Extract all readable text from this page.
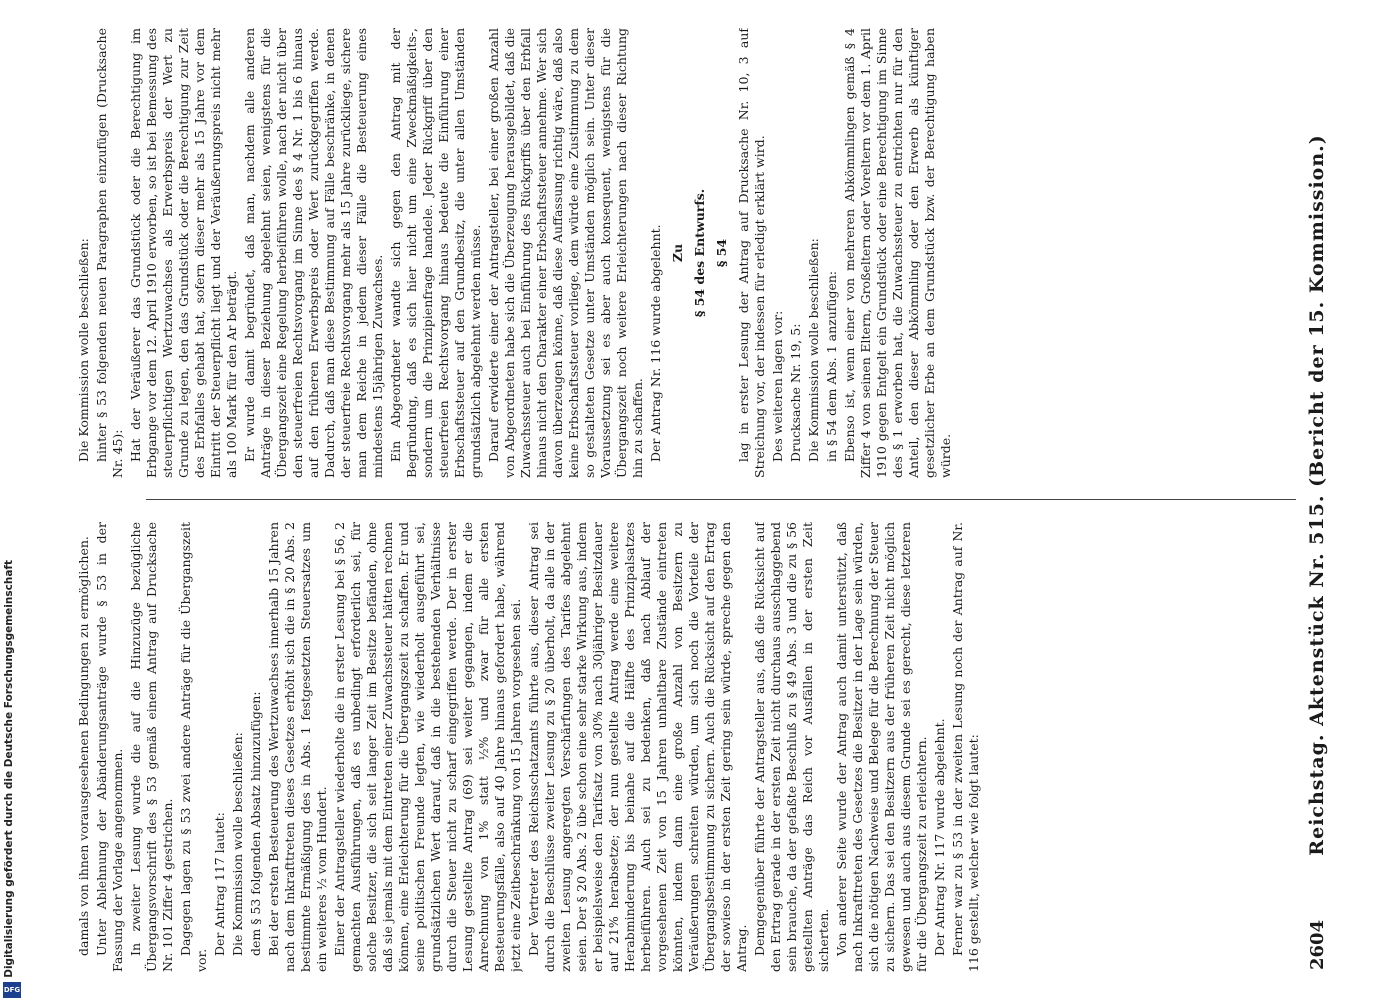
Digitalisierung gefördert durch die Deutsche Forschungsgemeinschaft
DFG
2604
Reichstag. Aktenstück Nr. 515. (Bericht der 15. Kommission.)

damals von ihnen vorausgesehenen Bedingungen zu ermöglichen. Unter Ablehnung der Abänderungsanträge wurde § 53 in der Fassung der Vorlage angenommen. In zweiter Lesung wurde die auf die Hinzuzüge bezügliche Übergangsvorschrift des § 53 gemäß einem Antrag auf Drucksache Nr. 101 Ziffer 4 gestrichen. Dagegen lagen zu § 53 zwei andere Anträge für die Übergangszeit vor.

Der Antrag 117 lautet: Die Kommission wolle beschließen: dem § 53 folgenden Absatz hinzuzufügen: Bei der ersten Besteuerung des Wertzuwachses innerhalb 15 Jahren nach dem Inkrafttreten dieses Gesetzes erhöht sich die in § 20 Abs. 2 bestimmte Ermäßigung des in Abs. 1 festgesetzten Steuersatzes um ein weiteres ½ vom Hundert. Einer der Antragsteller wiederholte die in erster Lesung bei § 56, 2 gemachten Ausführungen, daß es unbedingt erforderlich sei, für solche Besitzer, die sich seit langer Zeit im Besitze befänden, ohne daß sie jemals mit dem Eintreten einer Zuwachssteuer hätten rechnen können, eine Erleichterung für die Übergangszeit zu schaffen. Er und seine politischen Freunde legten, wie wiederholt ausgeführt sei, grundsätzlichen Wert darauf, daß in die bestehenden Verhältnisse durch die Steuer nicht zu scharf eingegriffen werde. Der in erster Lesung gestellte Antrag (69) sei weiter gegangen, indem er die Anrechnung von 1% statt ½% und zwar für alle ersten Besteuerungsfälle, also auf 40 Jahre hinaus gefordert habe, während jetzt eine Zeitbeschränkung von 15 Jahren vorgesehen sei. Der Vertreter des Reichsschatzamts führte aus, dieser Antrag sei durch die Beschlüsse zweiter Lesung zu § 20 überholt, da alle in der zweiten Lesung angeregten Verschärfungen des Tarifes abgelehnt seien. Der § 20 Abs. 2 übe schon eine sehr starke Wirkung aus, indem er beispielsweise den Tarifsatz von 30% nach 30jähriger Besitzdauer auf 21% herabsetze; der nun gestellte Antrag werde eine weitere Herabminderung bis beinahe auf die Hälfte des Prinzipalsatzes herbeiführen. Auch sei zu bedenken, daß nach Ablauf der vorgesehenen Zeit von 15 Jahren unhaltbare Zustände eintreten könnten, indem dann eine große Anzahl von Besitzern zu Veräußerungen schreiten würden, um sich noch die Vorteile der Übergangsbestimmung zu sichern. Auch die Rücksicht auf den Ertrag der sowieso in der ersten Zeit gering sein würde, spreche gegen den Antrag. Demgegenüber führte der Antragsteller aus, daß die Rücksicht auf den Ertrag gerade in der ersten Zeit nicht durchaus ausschlaggebend sein brauche, da der gefaßte Beschluß zu § 49 Abs. 3 und die zu § 56 gestellten Anträge das Reich vor Ausfällen in der ersten Zeit sicherten. Von anderer Seite wurde der Antrag auch damit unterstützt, daß nach Inkrafttreten des Gesetzes die Besitzer in der Lage sein würden, sich die nötigen Nachweise und Belege für die Berechnung der Steuer zu sichern. Das sei den Besitzern aus der früheren Zeit nicht möglich gewesen und auch aus diesem Grunde sei es gerecht, diese letzteren für die Übergangszeit zu erleichtern. Der Antrag Nr. 117 wurde abgelehnt. Ferner war zu § 53 in der zweiten Lesung noch der Antrag auf Nr. 116 gestellt, welcher wie folgt lautet:

Die Kommission wolle beschließen: hinter § 53 folgenden neuen Paragraphen einzufügen (Drucksache Nr. 45): Hat der Veräußerer das Grundstück oder die Berechtigung im Erbgange vor dem 12. April 1910 erworben, so ist bei Bemessung des steuerpflichtigen Wertzuwachses als Erwerbspreis der Wert zu Grunde zu legen, den das Grundstück oder die Berechtigung zur Zeit des Erbfalles gehabt hat, sofern dieser mehr als 15 Jahre vor dem Eintritt der Steuerpflicht liegt und der Veräußerungspreis nicht mehr als 100 Mark für den Ar beträgt. Er wurde damit begründet, daß man, nachdem alle anderen Anträge in dieser Beziehung abgelehnt seien, wenigstens für die Übergangszeit eine Regelung herbeiführen wolle, nach der nicht über den steuerfreien Rechtsvorgang im Sinne des § 4 Nr. 1 bis 6 hinaus auf den früheren Erwerbspreis oder Wert zurückgegriffen werde. Dadurch, daß man diese Bestimmung auf Fälle beschränke, in denen der steuerfreie Rechtsvorgang mehr als 15 Jahre zurückliege, sichere man dem Reiche in jedem dieser Fälle die Besteuerung eines mindestens 15jährigen Zuwachses. Ein Abgeordneter wandte sich gegen den Antrag mit der Begründung, daß es sich hier nicht um eine Zweckmäßigkeits-, sondern um die Prinzipienfrage handele. Jeder Rückgriff über den steuerfreien Rechtsvorgang hinaus bedeute die Einführung einer Erbschaftssteuer auf den Grundbesitz, die unter allen Umständen grundsätzlich abgelehnt werden müsse. Darauf erwiderte einer der Antragsteller, bei einer großen Anzahl von Abgeordneten habe sich die Überzeugung herausgebildet, daß die Zuwachssteuer auch bei Einführung des Rückgriffs über den Erbfall hinaus nicht den Charakter einer Erbschaftssteuer annehme. Wer sich davon überzeugen könne, daß diese Auffassung richtig wäre, daß also keine Erbschaftssteuer vorliege, dem würde eine Zustimmung zu dem so gestalteten Gesetze unter Umständen möglich sein. Unter dieser Voraussetzung sei es aber auch konsequent, wenigstens für die Übergangszeit noch weitere Erleichterungen nach dieser Richtung hin zu schaffen. Der Antrag Nr. 116 wurde abgelehnt. Zu § 54 des Entwurfs. § 54 lag in erster Lesung der Antrag auf Drucksache Nr. 10, 3 auf Streichung vor, der indessen für erledigt erklärt wird. Des weiteren lagen vor: Drucksache Nr. 19, 5: Die Kommission wolle beschließen: in § 54 dem Abs. 1 anzufügen: Ebenso ist, wenn einer von mehreren Abkömmlingen gemäß § 4 Ziffer 4 von seinen Eltern, Großeltern oder Voreltern vor dem 1. April 1910 gegen Entgelt ein Grundstück oder eine Berechtigung im Sinne des § 1 erworben hat, die Zuwachssteuer zu entrichten nur für den Anteil, den dieser Abkömmling oder den Erwerb als künftiger gesetzlicher Erbe an dem Grundstück bzw. der Berechtigung haben würde.
